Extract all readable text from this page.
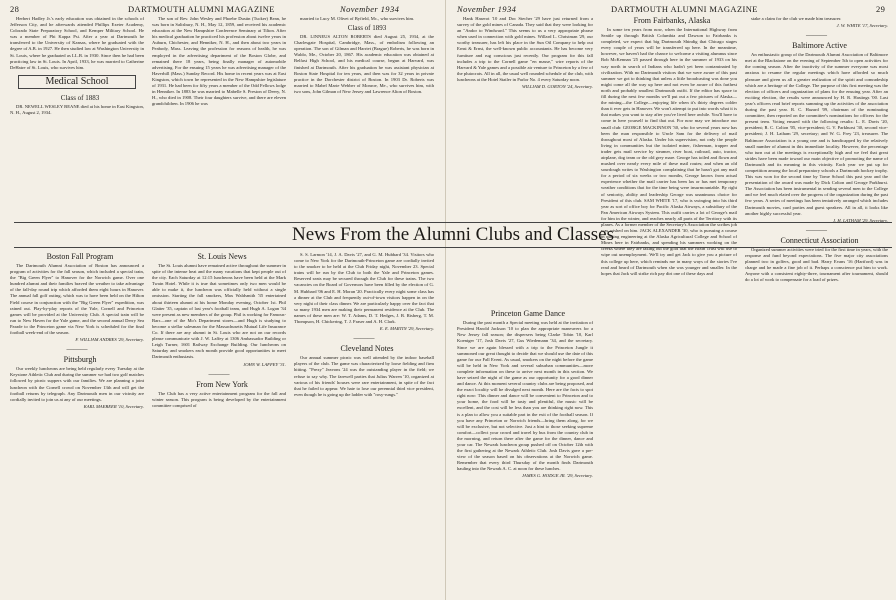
28	DARTMOUTH ALUMNI MAGAZINE	November 1934

Herbert Hadley Jr.'s early education was obtained in the schools of Jefferson City, and he afterwards attended Phillips Exeter Academy, Colorado State Preparatory School, and Kemper Military School. He was a member of Phi Kappa Psi. After a year at Dartmouth he transferred to the University of Kansas, where he graduated with the degree of A.B. in 1927. He then studied law at Washington University in St. Louis, where he graduated as LL.B. in 1930. Since then he had been practicing law in St. Louis. In April, 1933, he was married to Catherine DeHatre of St. Louis, who survives him.

Medical School

Class of 1883

DR. NEWELL WESLEY BEANE died at his home in East Kingston, N. H., August 2, 1934.

The son of Rev. John Wesley and Phoebe Dustin (Tucker) Bean, he was born in Salisbury, N. H., May 12, 1859, and received his academic education at the New Hampshire Conference Seminary at Tilton. After his medical graduation he practiced his profession about twelve years in Auburn, Chichester, and Henniker, N. H., and then about two years in Peabody, Mass. Leaving the profession for reasons of health, he was employed in the advertising department of the Boston Globe, and remained there 18 years, being finally manager of automobile advertising. For the ensuing 15 years he was advertising manager of the Haverhill (Mass.) Sunday Record. His home in recent years was at East Kingston, which town he represented in the New Hampshire legislature of 1931. He had been for fifty years a member of the Odd Fellows lodge in Henniker. In 1883 he was married to Mabelle S. Preston of Deery, N. H., who died in 1908. Their four daughters survive, and there are eleven grandchildren. In 1906 he was

married to Lucy M. Olivet of Byfield, Mc., who survives him.

Class of 1893

DR. LINNEUS ALTON ROBERTS died August 25, 1934, at the Charlesgate Hospital, Cambridge, Mass., of embolism following an operation. The son of Gilman and Harriet (Brague) Roberts, he was born in Waldo, Me., October 20, 1867. His academic education was obtained at Belfast High School, and his medical course, begun at Harvard, was finished at Dartmouth. After his graduation he was assistant physician at Boston State Hospital for ten years, and then was for 32 years in private practice in the Dorchester district of Boston. In 1903 Dr. Roberts was married to Mabel Marie Webber of Monroe, Me., who survives him, with two sons, John Gilman of New Jersey and Lawrence Alton of Boston.

Boston Fall Program

The Dartmouth Alumni Association of Boston has announced a program of activities for the fall season, which included a special train, the "Big Green Flyer" to Hanover for the Norwich game. Over one hundred alumni and their families braved the weather to take advantage of the fall-day round trip which afforded them eight hours in Hanover. The annual fall golf outing, which was to have been held on the Hilton Field course in conjunction with the "Big Green Flyer" expedition, was rained out. Play-by-play reports of the Yale, Cornell and Princeton games will be provided at the University Club. A special train will be run to New Haven for the Yale game, and the second annual Derry Sea Parade to the Princeton game via New York is scheduled for the final football week-end of the season.

F. WILLIAM ANDRES '29, Secretary.

———

Pittsburgh

Our weekly luncheons are being held regularly every Tuesday at the Keystone Athletic Club and during the summer we had two golf matches followed by picnic suppers with our families. We are planning a joint luncheon with the Cornell crowd on November 13th and will get the football returns by telegraph. Any Dartmouth men in our vicinity are cordially invited to join us at any of our meetings.

KARL MAEBEER '10, Secretary.

St. Louis News

The St. Louis alumni have remained active throughout the summer in spite of the intense heat and the many vacations that kept people out of the city. Each Saturday at 12:15 luncheons have been held at the Mark Twain Hotel. While it is true that sometimes only two men would be able to make it, the luncheon was officially held without a single omission. Starting the fall smokers, Max Waldsmith '35 entertained about thirteen alumni at his home Monday evening, October 1st. Phil Glatter '35, captain of last year's football team, and Hugh A. Logan '34 were present as new members of the group. Phil is working for Famous-Barr—one of the Mo's Department stores—and Hugh is studying to become a stellar salesman for the Massachusetts Mutual Life Insurance Co. If there are any alumni in St. Louis who are not on our records please communicate with J. W. Laffey at 1306 Ambassador Building or Leigh Turner, 1601 Railway Exchange Building. Our luncheons on Saturday and smokers each month provide good opportunities to meet Dartmouth enthusiasts.

JOHN W. LAFFEY '31.

———

From New York

The Club has a very active entertainment program for the fall and winter season. This program is being developed by the entertainment committee comprised of

S. S. Larmon '14, J. A. Davis '27, and G. M. Hubbard '34. Visitors who come to New York for the Dartmouth-Princeton game are cordially invited to the smoker to be held at the Club Friday night, November 23. Special trains will be run by the Club to both the Yale and Princeton games. Reserved seats may be secured through the Club for these trains. The two vacancies on the Board of Governors have been filled by the election of G. M. Hubbard '06 and E. H. Moran '20. Practically every night some class has a dinner at the Club and frequently out-of-town visitors happen in on the very night of their class dinner. We are particularly happy over the fact that so many 1934 men are making their permanent residence at the Club. The names of these men are: W. T. Adams, D. T. Hedges, J. B. Risberg, T. M. Thompson, H. Chickering, T. J. Fraser and A. H. Clark.

E. E. MARTIN '29, Secretary.

———

Cleveland Notes

Our annual summer picnic was well attended by the indoor baseball players of the club. The game was characterized by loose fielding and firm hitting. "Prexy" Jeavons '24 was the outstanding player in the field; we refuse to say why. The farewell parties that Julius Warren '10, organized at various of his friends' houses were rare entertainment, in spite of the fact that he failed to appear. We hate to lose our perennial third vice president, even though he is going up the ladder with "rosy-rungs."

November 1934	DARTMOUTH ALUMNI MAGAZINE	29

Hank Haserot '10 and Doc Stecher '29 have just returned from a survey of the gold mines of Canada. They said that they were looking for an "Andor to Windward." This seems to us a very appropriate phrase when used in connection with gold mines. Willard L. Christman '29, our worthy treasurer, has left his place in the Sun Oil Company to help out Ernst & Ernst, the well-known public accountants. He has become very furniture and rug conscious just recently. Our program for this fall includes a trip to the Cornell game "en masse," wire reports of the Harvard & Yale games and a possible air venture to Princeton by a few of the plutocrats. All in all, the usual well rounded schedule of the club, with luncheons at the Hotel Statler in Parlor No. 4 every Saturday noon.

WILLIAM D. GORTON '24, Secretary.

Princeton Game Dance

During the past month a Special meeting was held at the invitation of President Harold Jackson '10 to plan the appropriate maneuvers for a New Jersey fall season; the dispersers being Clarke Tobin '10, Karl Koeniger '17, Josh Davis '27, Gus Wiedemann '34, and the secretary. Since we are again blessed with a trip to the Princeton Jungle it summoned our great thought to decide that we should use the date of this game for our Fall Event. As usual, smokers on the night before the game will be held in New York and several suburban communities—more complete information on these to arrive next month in this section. We have seized the night of the game as our opportunity for a good dinner and dance. At this moment several country clubs are being proposed, and the exact locality will be divulged next month. Here are the facts to spot right now: This dinner and dance will be convenient to Princeton and to your home, the food will be tasty and plentiful, the music will be excellent, and the cost will be less than you are thinking right now. This is a plan to allow you a suitable part in the exit of the football season. If you have any Princeton or Norwich friends—bring them along, for we will be exclusive, but not selective. Just a hint to those seeking supreme comfort—collect your crowd and travel by bus from the country club in the morning, and return there after the game for the dinner, dance and your car. The Newark luncheon group pushed off on October 12th with the first gathering at the Newark Athletic Club. Josh Davis gave a pre-view of the season based on his observations at the Norwich game. Remember that every third Thursday of the month finds Dartmouth hauling into the Newark A. C. at noon for these lunches.

JAMES G. HODGE JR. '29, Secretary.

From Fairbanks, Alaska

In some ten years from now, when the International Highway from Seattle up through British Columbia and Dawson to Fairbanks is completed, we expect that big Dartmouth Shindig that Chicago stages every couple of years will be transferred up here. In the meantime, however, we haven't had the chance to welcome a visiting alumnus since Bob McKennan '25 passed through here in the summer of 1933 on his way north in search of Indians who hadn't yet been contaminated by civilization. With no Dartmouth visitors that we were aware of this past summer we got to thinking that unless a little broadcasting was done you might come all the way up here and not even be aware of this farthest north and probably smallest Dartmouth outfit. If the editor has space to fill during the next few months we'll put out a few pictures of Alaska—the mining—the College—enjoying life when it's thirty degrees colder than it ever gets in Hanover. We won't attempt to put into words what it is that makes you want to stay after you've lived here awhile. You'll have to come in here yourself to find that out. For now may we introduce our small club: GEORGE MACKINNON '30, who for several years now has been the man responsible to Uncle Sam for the delivery of mail throughout most of Alaska. Under his supervision, not only the people living in communities but the isolated miner, fisherman, trapper and trader gets mail service by steamer, river boat, railroad, auto, tractor, airplane, dog team or the old grey mare. George has toiled and flown and mushed over nearly every mile of these mail routes; and when an old sourdough writes to Washington complaining that he hasn't got any mail for a period of six weeks or two months, George knows from actual experience whether the mail carrier has been lax or has met temporary weather conditions that for the time being were insurmountable. By right of seniority, ability and leadership George was unanimous choice for President of this club. SAM WHITE '17, who is swinging into his third year as sort of office boy for Pacific Alaska Airways, a subsidiary of the Pan American Airways System. This outfit carries a lot of George's mail for him in the winter, and reaches nearly all parts of the Territory with its planes. As a former member of the Secretary's Association the scribes job was wished on him. JACK ALEXANDER '30, who is pursuing a course in mining engineering at the Alaska Agricultural College and School of Mines here in Fairbanks, and spending his summers working on the creeks where they are taking out the gold that the Brain Trust will use to wipe out unemployment. We'll try and get Jack to give you a picture of this college up here, which reminds me in many ways of the stories I've read and heard of Dartmouth when she was younger and smaller. In the hopes that Jack will strike rich pay dirt one of these days and

stake a claim for the club we made him treasurer.

J. W. WHITE '17, Secretary.

———

Baltimore Active

An enthusiastic group of the Dartmouth Alumni Association of Baltimore met at the Blackstone on the evening of September 5th to open activities for the coming season. After the inactivity of the summer everyone was most anxious to resume the regular meetings which have afforded so much pleasure and given us all a greater realization of the spirit and comradeship which are a heritage of the College. The purpose of this first meeting was the election of officers and organization of plans for the ensuing year. After an exciting election, the results were announced by H. R. Hastings '00. Last year's officers read brief reports summing up the activities of the association during the past year. R. C. Hazard '09, chairman of the nominating committee, then reported on the committee's nominations for officers for the present term. Voting ensued with the following results: L. E. Davis '20, president; R. C. Colton '05, vice-president; G. V. Parkhurst '30, second vice-president; J. H. Latham '29, secretary; and W. G. Frey '23, treasurer. The Baltimore Association is a young one and is handicapped by the relatively small number of alumni in this immediate locality. However, the percentage who turn out at the meetings is exceptionally high and we feel that great strides have been made toward our main objective of promoting the name of Dartmouth and its meaning in this vicinity. Each year we put up for competition among the local preparatory schools a Dartmouth hockey trophy. This was won for the second time by Tome School this past year and the presentation of the award was made by Dick Colton and George Parkhurst. The Association has been instrumental in sending several men to the College and we feel much elated over the progress of the organization during the past few years. A series of meetings has been tentatively arranged which includes Dartmouth movies, card parties and guest speakers. All in all, it looks like another highly successful year.

J. H. LATHAM '29, Secretary.

———

Connecticut Association

Organized summer activities were tried for the first time in years, with the response and fund beyond expectations. The five major city associations planned two in golfers, good and bad. Harry Evans '16 (Hartford) was in charge and he made a fine job of it. Perhaps a conscience put him to work. Anyone with a consistent eighty-three, tournament after tournament, should do a lot of work to compensate for a load of prizes.

News From the Alumni Clubs and Classes
